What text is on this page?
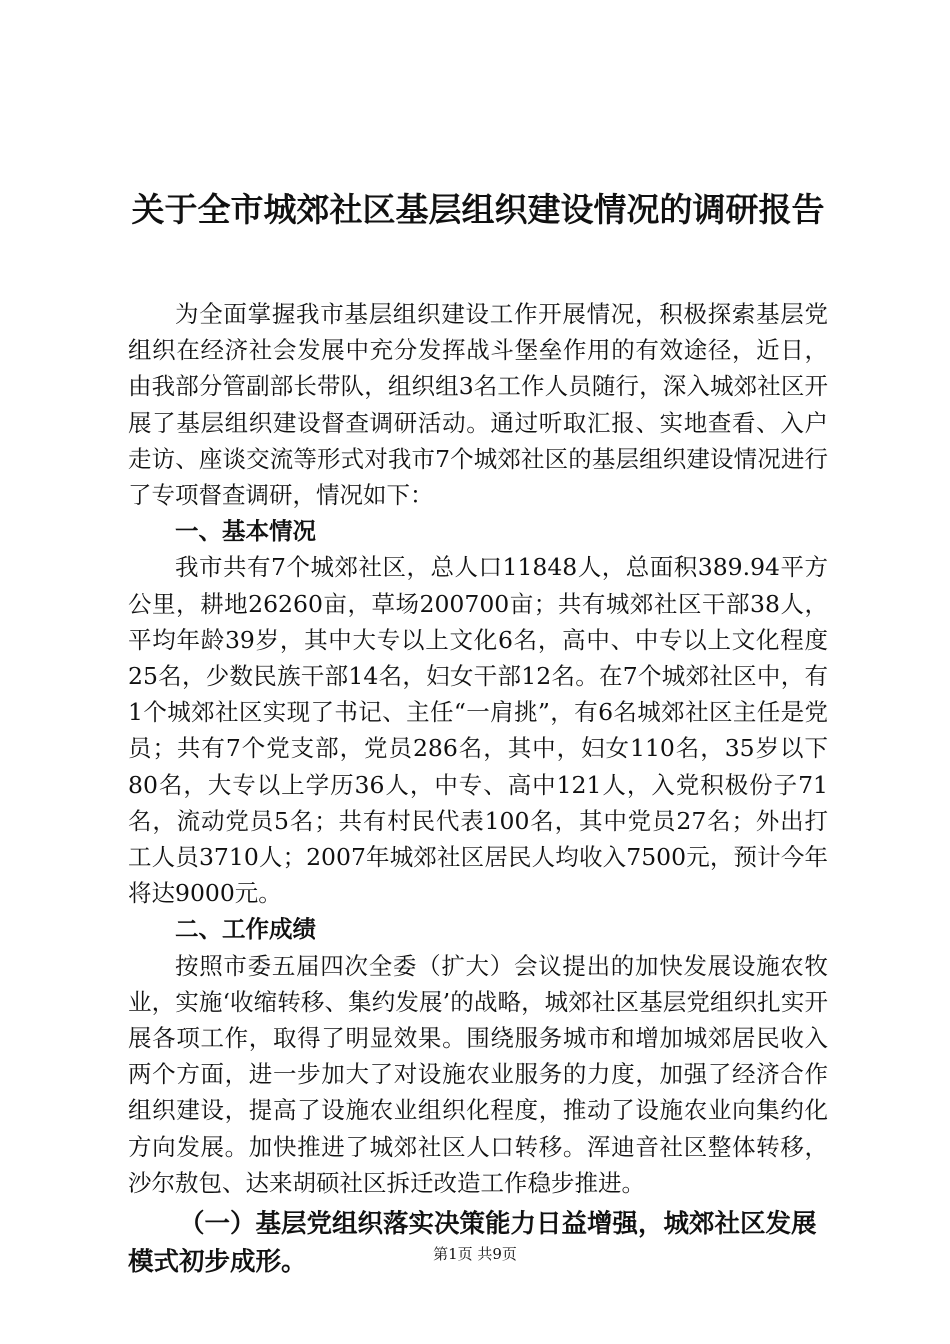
关于全市城郊社区基层组织建设情况的调研报告

为全面掌握我市基层组织建设工作开展情况，积极探索基层党组织在经济社会发展中充分发挥战斗堡垒作用的有效途径，近日，由我部分管副部长带队，组织组3名工作人员随行，深入城郊社区开展了基层组织建设督查调研活动。通过听取汇报、实地查看、入户走访、座谈交流等形式对我市7个城郊社区的基层组织建设情况进行了专项督查调研，情况如下：

一、基本情况

我市共有7个城郊社区，总人口11848人，总面积389.94平方公里，耕地26260亩，草场200700亩；共有城郊社区干部38人，平均年龄39岁，其中大专以上文化6名，高中、中专以上文化程度25名，少数民族干部14名，妇女干部12名。在7个城郊社区中，有1个城郊社区实现了书记、主任“一肩挑”，有6名城郊社区主任是党员；共有7个党支部，党员286名，其中，妇女110名，35岁以下80名，大专以上学历36人，中专、高中121人，入党积极份子71名，流动党员5名；共有村民代表100名，其中党员27名；外出打工人员3710人；2007年城郊社区居民人均收入7500元，预计今年将达9000元。

二、工作成绩

按照市委五届四次全委（扩大）会议提出的加快发展设施农牧业，实施‘收缩转移、集约发展’的战略，城郊社区基层党组织扎实开展各项工作，取得了明显效果。围绕服务城市和增加城郊居民收入两个方面，进一步加大了对设施农业服务的力度，加强了经济合作组织建设，提高了设施农业组织化程度，推动了设施农业向集约化方向发展。加快推进了城郊社区人口转移。浑迪音社区整体转移，沙尔敖包、达来胡硕社区拆迁改造工作稳步推进。

（一）基层党组织落实决策能力日益增强，城郊社区发展模式初步成形。	第1页 共9页
